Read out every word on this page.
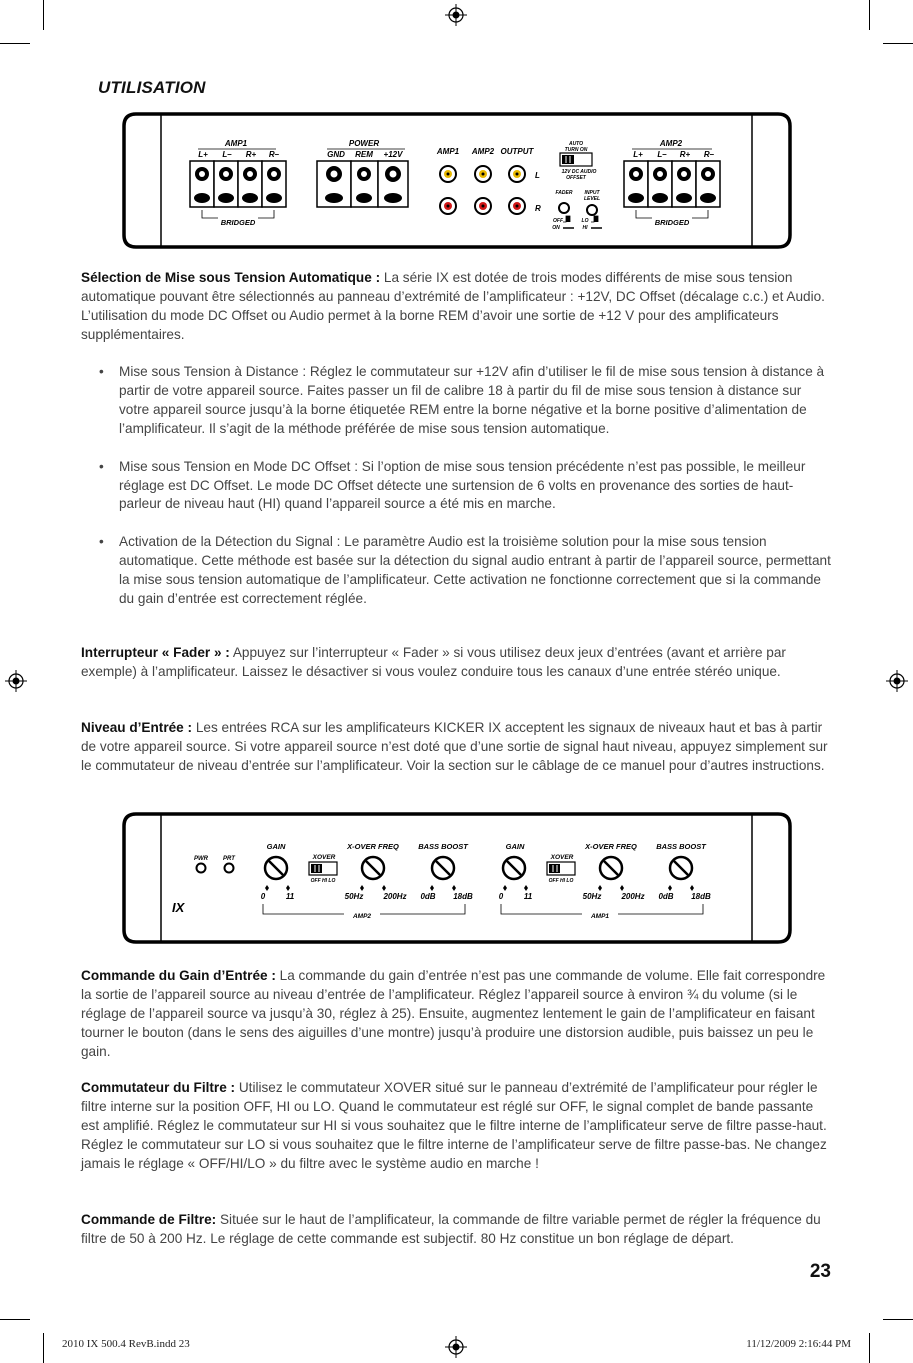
UTILISATION
AMP1
L+ L– R+ R–
BRIDGED
POWER
GND REM +12V	AMP1 AMP2 OUTPUT
L
R
AUTO
TURN ON
12V DC AUDIO
OFFSET
FADER INPUT
LEVEL
OFF
ON
LO
HI
AMP2
L+ L– R+ R–
BRIDGED

Sélection de Mise sous Tension Automatique : La série IX est dotée de trois modes différents de mise sous tension automatique pouvant être sélectionnés au panneau d’extrémité de l’amplificateur : +12V, DC Offset (décalage c.c.) et Audio. L’utilisation du mode DC Offset ou Audio permet à la borne REM d’avoir une sortie de +12 V pour des amplificateurs supplémentaires.

• Mise sous Tension à Distance : Réglez le commutateur sur +12V afin d’utiliser le fil de mise sous tension à distance à partir de votre appareil source. Faites passer un fil de calibre 18 à partir du fil de mise sous tension à distance sur votre appareil source jusqu’à la borne étiquetée REM entre la borne négative et la borne positive d’alimentation de l’amplificateur. Il s’agit de la méthode préférée de mise sous tension automatique.

• Mise sous Tension en Mode DC Offset : Si l’option de mise sous tension précédente n’est pas possible, le meilleur réglage est DC Offset. Le mode DC Offset détecte une surtension de 6 volts en provenance des sorties de haut-parleur de niveau haut (HI) quand l’appareil source a été mis en marche.

• Activation de la Détection du Signal : Le paramètre Audio est la troisième solution pour la mise sous tension automatique. Cette méthode est basée sur la détection du signal audio entrant à partir de l’appareil source, permettant la mise sous tension automatique de l’amplificateur. Cette activation ne fonctionne correctement que si la commande du gain d’entrée est correctement réglée.

Interrupteur « Fader » : Appuyez sur l’interrupteur « Fader » si vous utilisez deux jeux d’entrées (avant et arrière par exemple) à l’amplificateur. Laissez le désactiver si vous voulez conduire tous les canaux d’une entrée stéréo unique.

Niveau d’Entrée : Les entrées RCA sur les amplificateurs KICKER IX acceptent les signaux de niveaux haut et bas à partir de votre appareil source. Si votre appareil source n’est doté que d’une sortie de signal haut niveau, appuyez simplement sur le commutateur de niveau d’entrée sur l’amplificateur. Voir la section sur le câblage de ce manuel pour d’autres instructions.

PWR	PRT
IX
GAIN
XOVER
OFF HI LO
X-OVER FREQ	BASS BOOST
0	11	50Hz	200Hz 0dB 18dB
AMP2
GAIN
XOVER
OFF HI LO
X-OVER FREQ	BASS BOOST
0	11	50Hz	200Hz 0dB 18dB
AMP1

Commande du Gain d’Entrée : La commande du gain d’entrée n’est pas une commande de volume. Elle fait correspondre la sortie de l’appareil source au niveau d’entrée de l’amplificateur. Réglez l’appareil source à environ ¾ du volume (si le réglage de l’appareil source va jusqu’à 30, réglez à 25). Ensuite, augmentez lentement le gain de l’amplificateur en faisant tourner le bouton (dans le sens des aiguilles d’une montre) jusqu’à produire une distorsion audible, puis baissez un peu le gain.

Commutateur du Filtre : Utilisez le commutateur XOVER situé sur le panneau d’extrémité de l’amplificateur pour régler le filtre interne sur la position OFF, HI ou LO. Quand le commutateur est réglé sur OFF, le signal complet de bande passante est amplifié. Réglez le commutateur sur HI si vous souhaitez que le filtre interne de l’amplificateur serve de filtre passe-haut. Réglez le commutateur sur LO si vous souhaitez que le filtre interne de l’amplificateur serve de filtre passe-bas. Ne changez jamais le réglage « OFF/HI/LO » du filtre avec le système audio en marche !

Commande de Filtre: Située sur le haut de l’amplificateur, la commande de filtre variable permet de régler la fréquence du filtre de 50 à 200 Hz. Le réglage de cette commande est subjectif. 80 Hz constitue un bon réglage de départ.

23
2010 IX 500.4 RevB.indd 23	11/12/2009 2:16:44 PM
